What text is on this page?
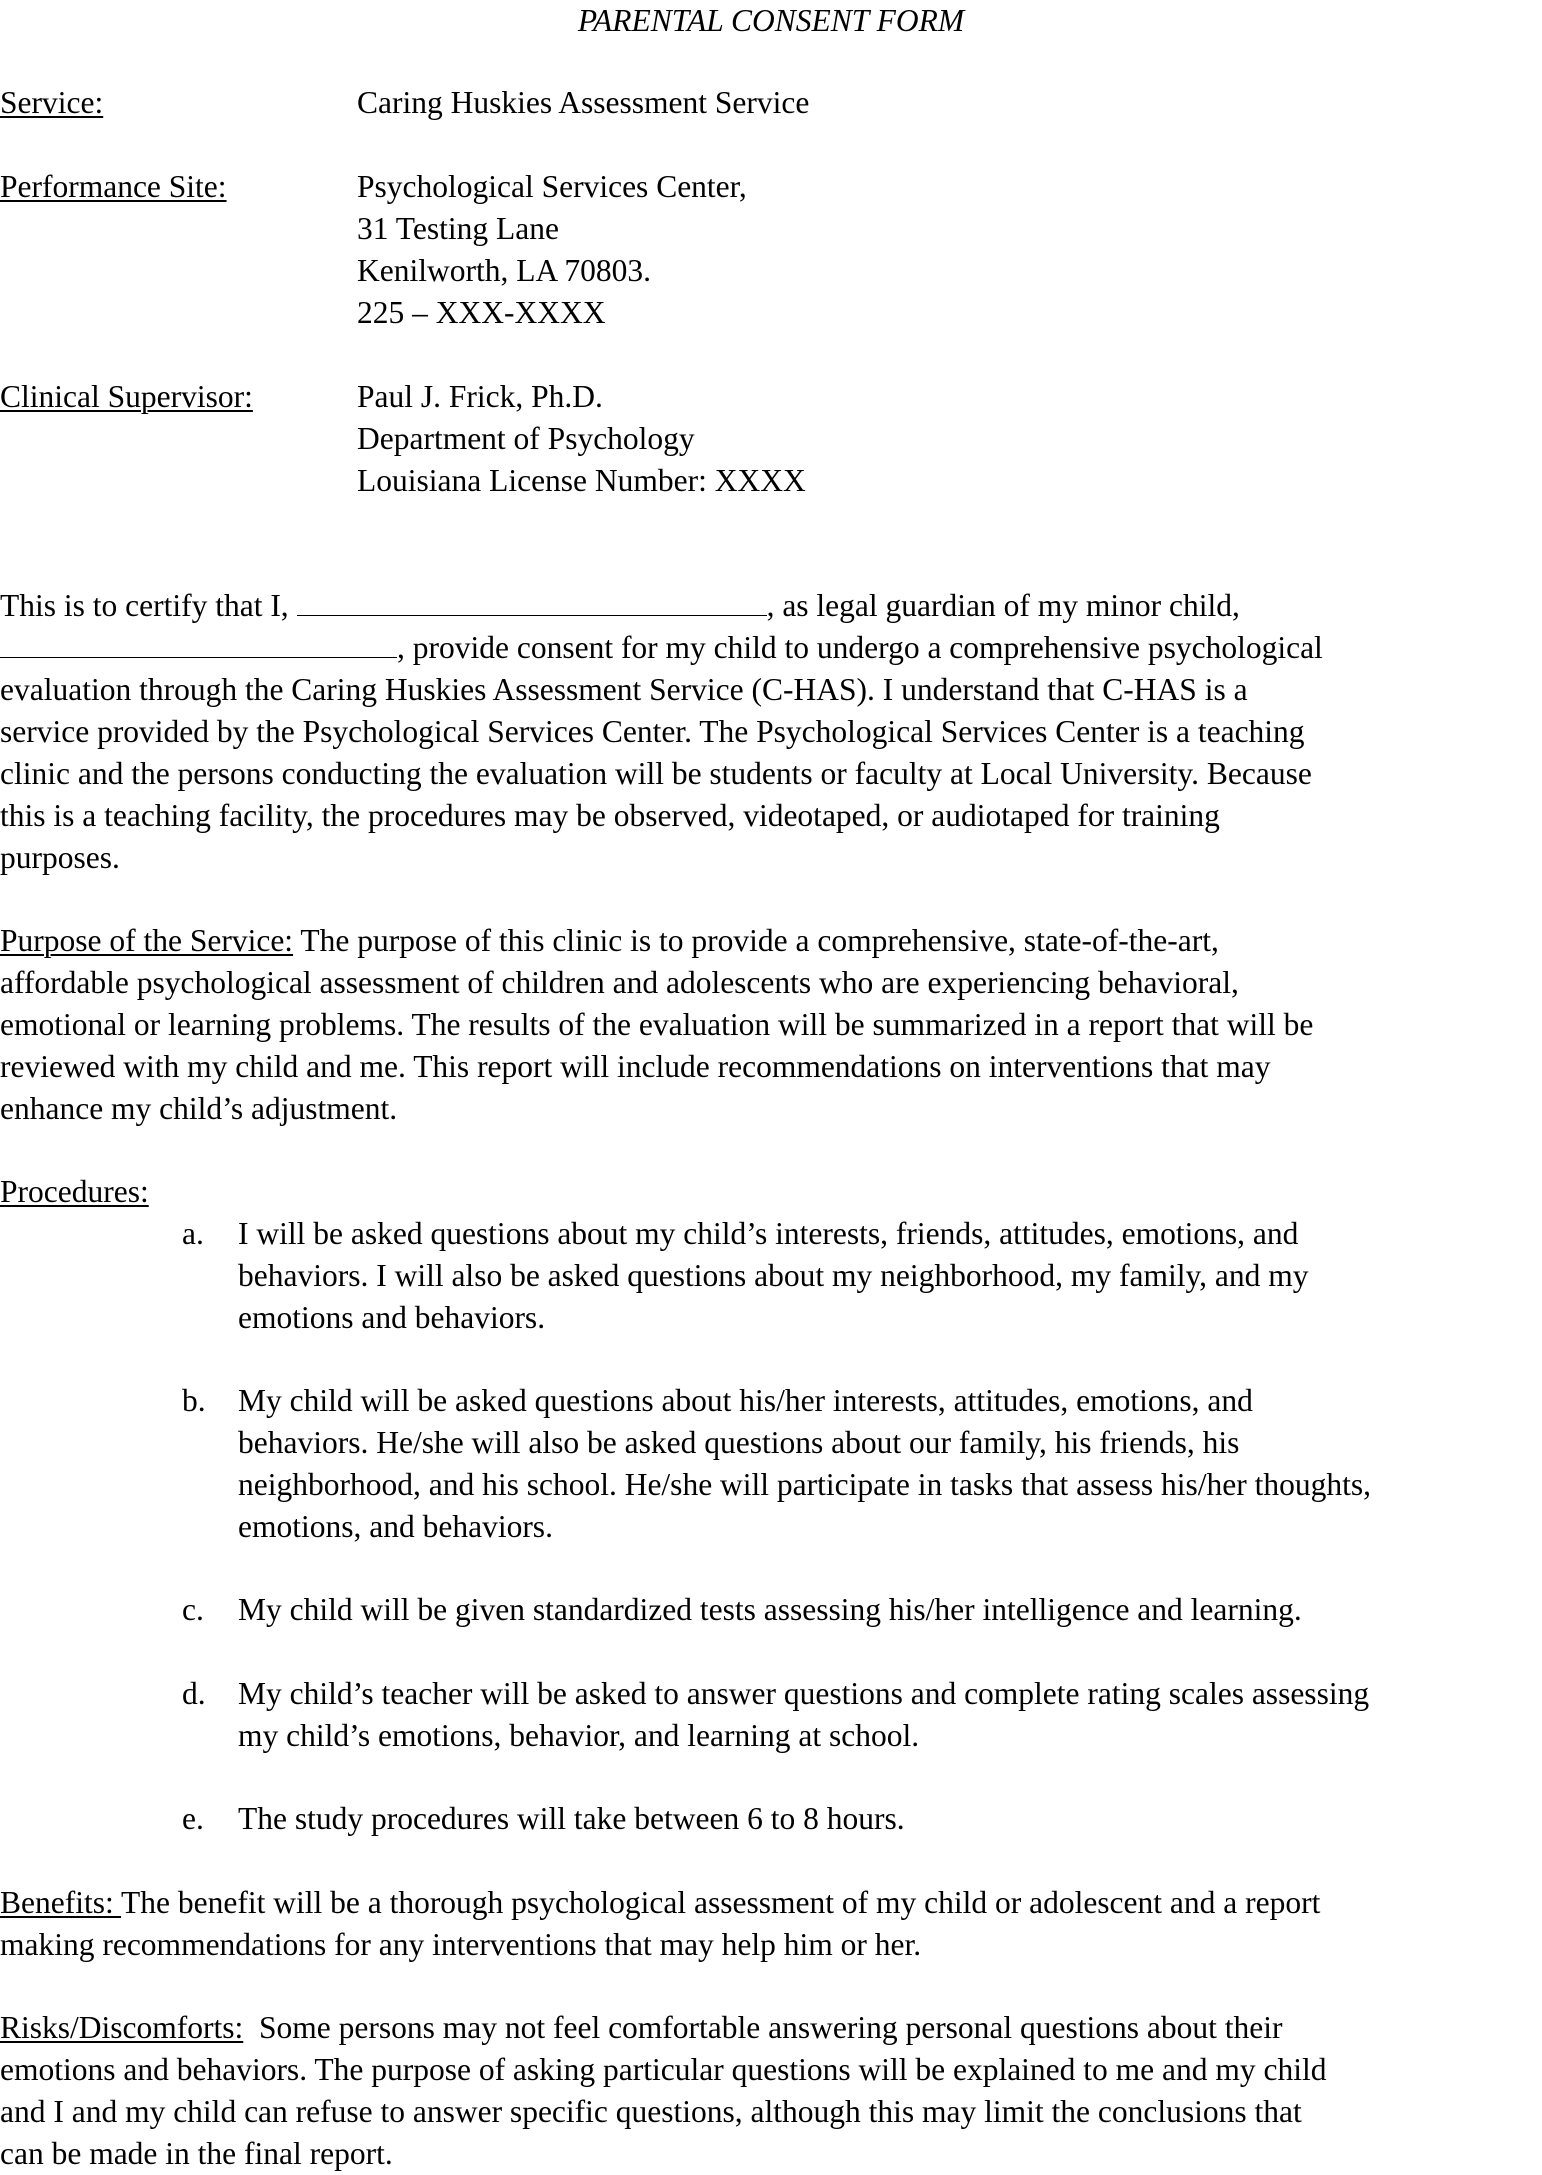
PARENTAL CONSENT FORM
Service:	Caring Huskies Assessment Service
Performance Site:	Psychological Services Center,
31 Testing Lane
Kenilworth, LA 70803.
225 – XXX-XXXX
Clinical Supervisor:	Paul J. Frick, Ph.D.
Department of Psychology
Louisiana License Number: XXXX
This is to certify that I,	, as legal guardian of my minor child,
, provide consent for my child to undergo a comprehensive psychological
evaluation through the Caring Huskies Assessment Service (C-HAS). I understand that C-HAS is a
service provided by the Psychological Services Center. The Psychological Services Center is a teaching
clinic and the persons conducting the evaluation will be students or faculty at Local University. Because
this is a teaching facility, the procedures may be observed, videotaped, or audiotaped for training
purposes.
Purpose of the Service: The purpose of this clinic is to provide a comprehensive, state-of-the-art,
affordable psychological assessment of children and adolescents who are experiencing behavioral,
emotional or learning problems. The results of the evaluation will be summarized in a report that will be
reviewed with my child and me. This report will include recommendations on interventions that may
enhance my child’s adjustment.
Procedures:
a. I will be asked questions about my child’s interests, friends, attitudes, emotions, and
behaviors. I will also be asked questions about my neighborhood, my family, and my
emotions and behaviors.
b. My child will be asked questions about his/her interests, attitudes, emotions, and
behaviors. He/she will also be asked questions about our family, his friends, his
neighborhood, and his school. He/she will participate in tasks that assess his/her thoughts,
emotions, and behaviors.
c. My child will be given standardized tests assessing his/her intelligence and learning.
d. My child’s teacher will be asked to answer questions and complete rating scales assessing
my child’s emotions, behavior, and learning at school.
e. The study procedures will take between 6 to 8 hours.
Benefits: The benefit will be a thorough psychological assessment of my child or adolescent and a report
making recommendations for any interventions that may help him or her.
Risks/Discomforts:  Some persons may not feel comfortable answering personal questions about their
emotions and behaviors. The purpose of asking particular questions will be explained to me and my child
and I and my child can refuse to answer specific questions, although this may limit the conclusions that
can be made in the final report.
